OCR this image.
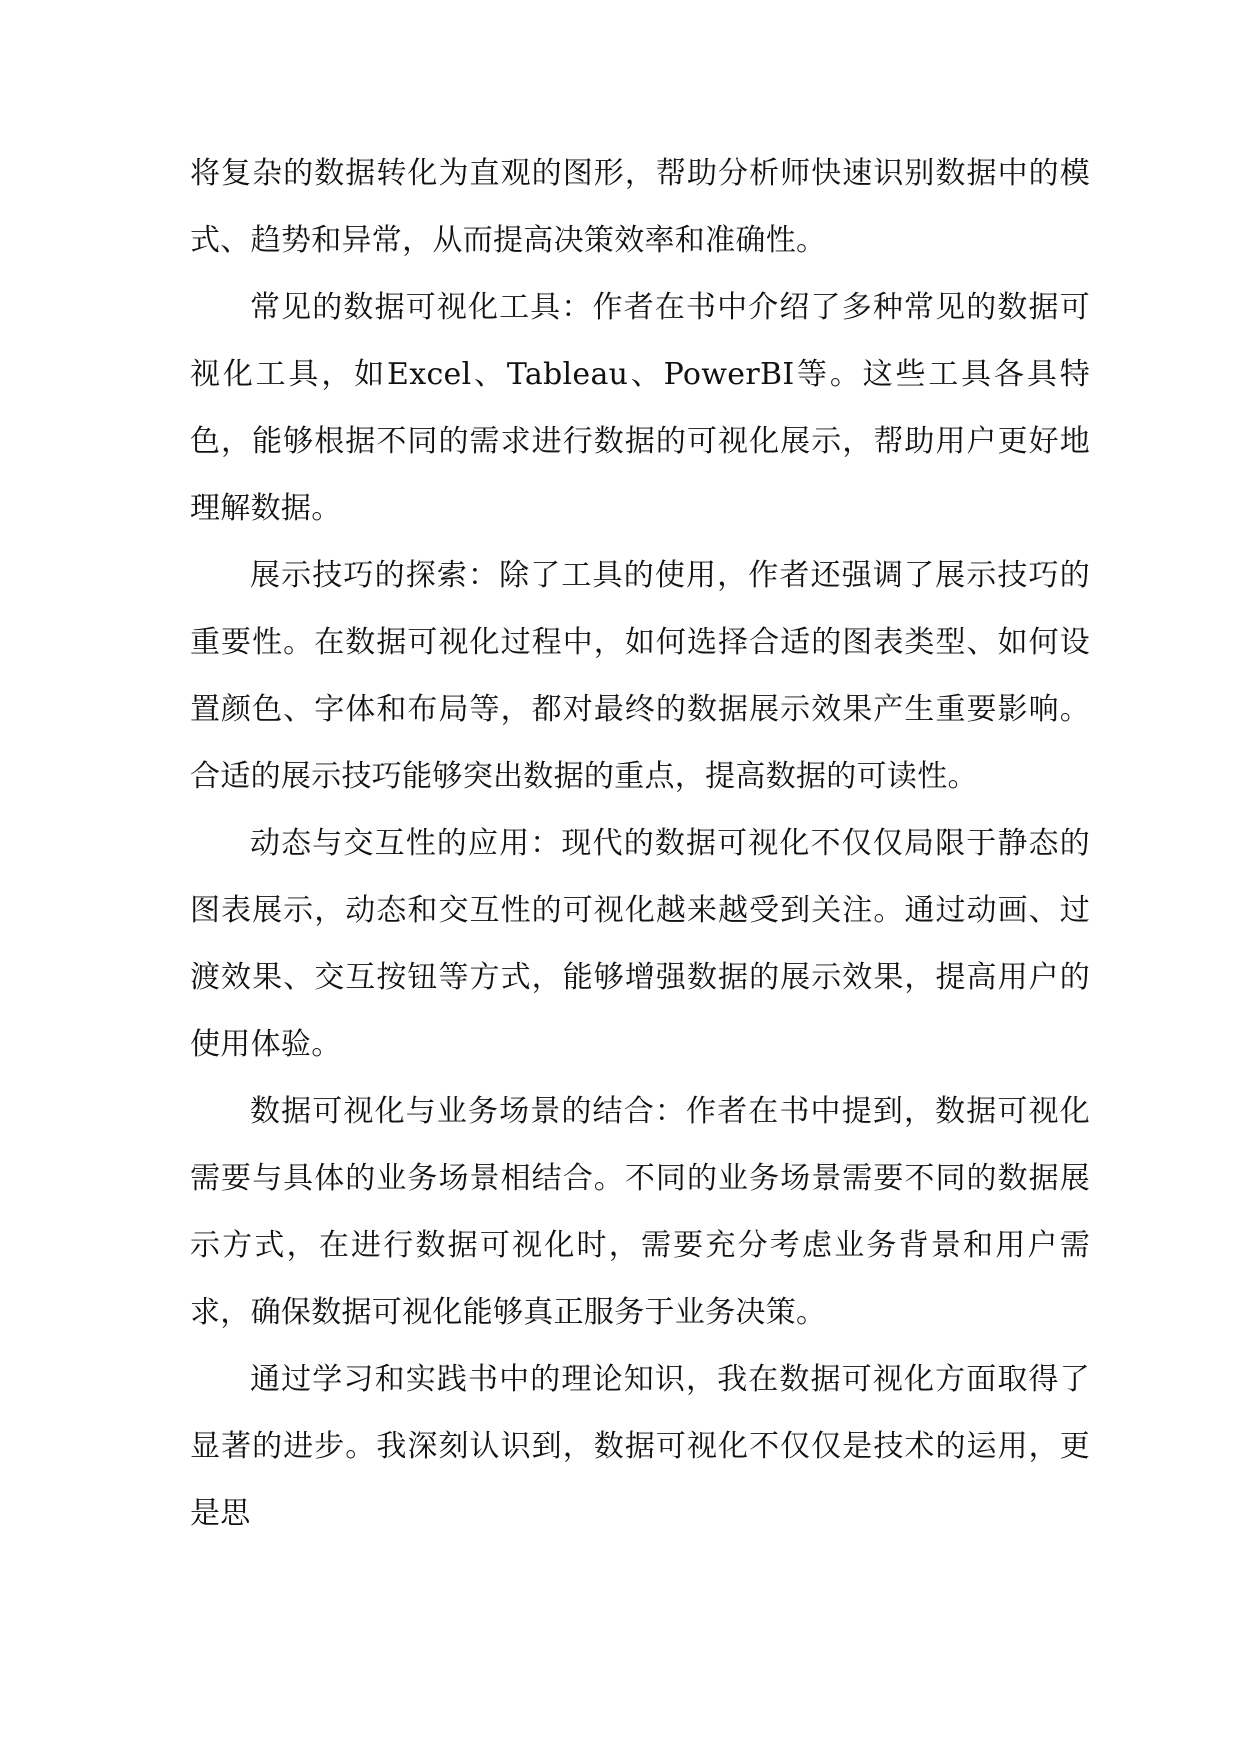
将复杂的数据转化为直观的图形，帮助分析师快速识别数据中的模式、趋势和异常，从而提高决策效率和准确性。

常见的数据可视化工具：作者在书中介绍了多种常见的数据可视化工具，如Excel、Tableau、PowerBI等。这些工具各具特色，能够根据不同的需求进行数据的可视化展示，帮助用户更好地理解数据。

展示技巧的探索：除了工具的使用，作者还强调了展示技巧的重要性。在数据可视化过程中，如何选择合适的图表类型、如何设置颜色、字体和布局等，都对最终的数据展示效果产生重要影响。合适的展示技巧能够突出数据的重点，提高数据的可读性。

动态与交互性的应用：现代的数据可视化不仅仅局限于静态的图表展示，动态和交互性的可视化越来越受到关注。通过动画、过渡效果、交互按钮等方式，能够增强数据的展示效果，提高用户的使用体验。

数据可视化与业务场景的结合：作者在书中提到，数据可视化需要与具体的业务场景相结合。不同的业务场景需要不同的数据展示方式，在进行数据可视化时，需要充分考虑业务背景和用户需求，确保数据可视化能够真正服务于业务决策。

通过学习和实践书中的理论知识，我在数据可视化方面取得了显著的进步。我深刻认识到，数据可视化不仅仅是技术的运用，更是思
